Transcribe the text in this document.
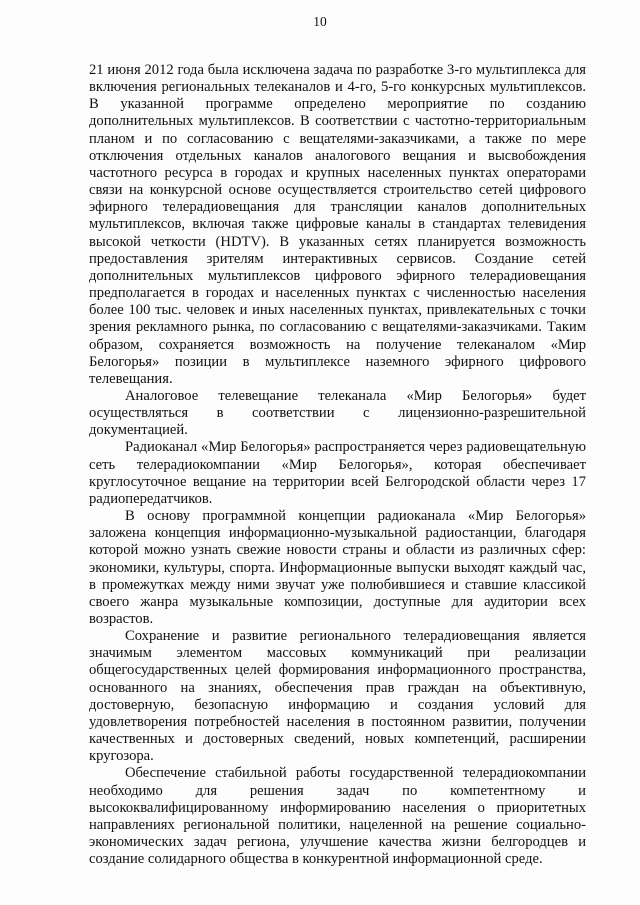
10

21 июня 2012 года была исключена задача по разработке 3-го мультиплекса для включения региональных телеканалов и 4-го, 5-го конкурсных мультиплексов. В указанной программе определено мероприятие по созданию дополнительных мультиплексов. В соответствии с частотно-территориальным планом и по согласованию с вещателями-заказчиками, а также по мере отключения отдельных каналов аналогового вещания и высвобождения частотного ресурса в городах и крупных населенных пунктах операторами связи на конкурсной основе осуществляется строительство сетей цифрового эфирного телерадиовещания для трансляции каналов дополнительных мультиплексов, включая также цифровые каналы в стандартах телевидения высокой четкости (HDTV). В указанных сетях планируется возможность предоставления зрителям интерактивных сервисов. Создание сетей дополнительных мультиплексов цифрового эфирного телерадиовещания предполагается в городах и населенных пунктах с численностью населения более 100 тыс. человек и иных населенных пунктах, привлекательных с точки зрения рекламного рынка, по согласованию с вещателями-заказчиками. Таким образом, сохраняется возможность на получение телеканалом «Мир Белогорья» позиции в мультиплексе наземного эфирного цифрового телевещания.

Аналоговое телевещание телеканала «Мир Белогорья» будет осуществляться в соответствии с лицензионно-разрешительной документацией.

Радиоканал «Мир Белогорья» распространяется через радиовещательную сеть телерадиокомпании «Мир Белогорья», которая обеспечивает круглосуточное вещание на территории всей Белгородской области через 17 радиопередатчиков.

В основу программной концепции радиоканала «Мир Белогорья» заложена концепция информационно-музыкальной радиостанции, благодаря которой можно узнать свежие новости страны и области из различных сфер: экономики, культуры, спорта. Информационные выпуски выходят каждый час, в промежутках между ними звучат уже полюбившиеся и ставшие классикой своего жанра музыкальные композиции, доступные для аудитории всех возрастов.

Сохранение и развитие регионального телерадиовещания является значимым элементом массовых коммуникаций при реализации общегосударственных целей формирования информационного пространства, основанного на знаниях, обеспечения прав граждан на объективную, достоверную, безопасную информацию и создания условий для удовлетворения потребностей населения в постоянном развитии, получении качественных и достоверных сведений, новых компетенций, расширении кругозора.

Обеспечение стабильной работы государственной телерадиокомпании необходимо для решения задач по компетентному и высококвалифицированному информированию населения о приоритетных направлениях региональной политики, нацеленной на решение социально-экономических задач региона, улучшение качества жизни белгородцев и создание солидарного общества в конкурентной информационной среде.
